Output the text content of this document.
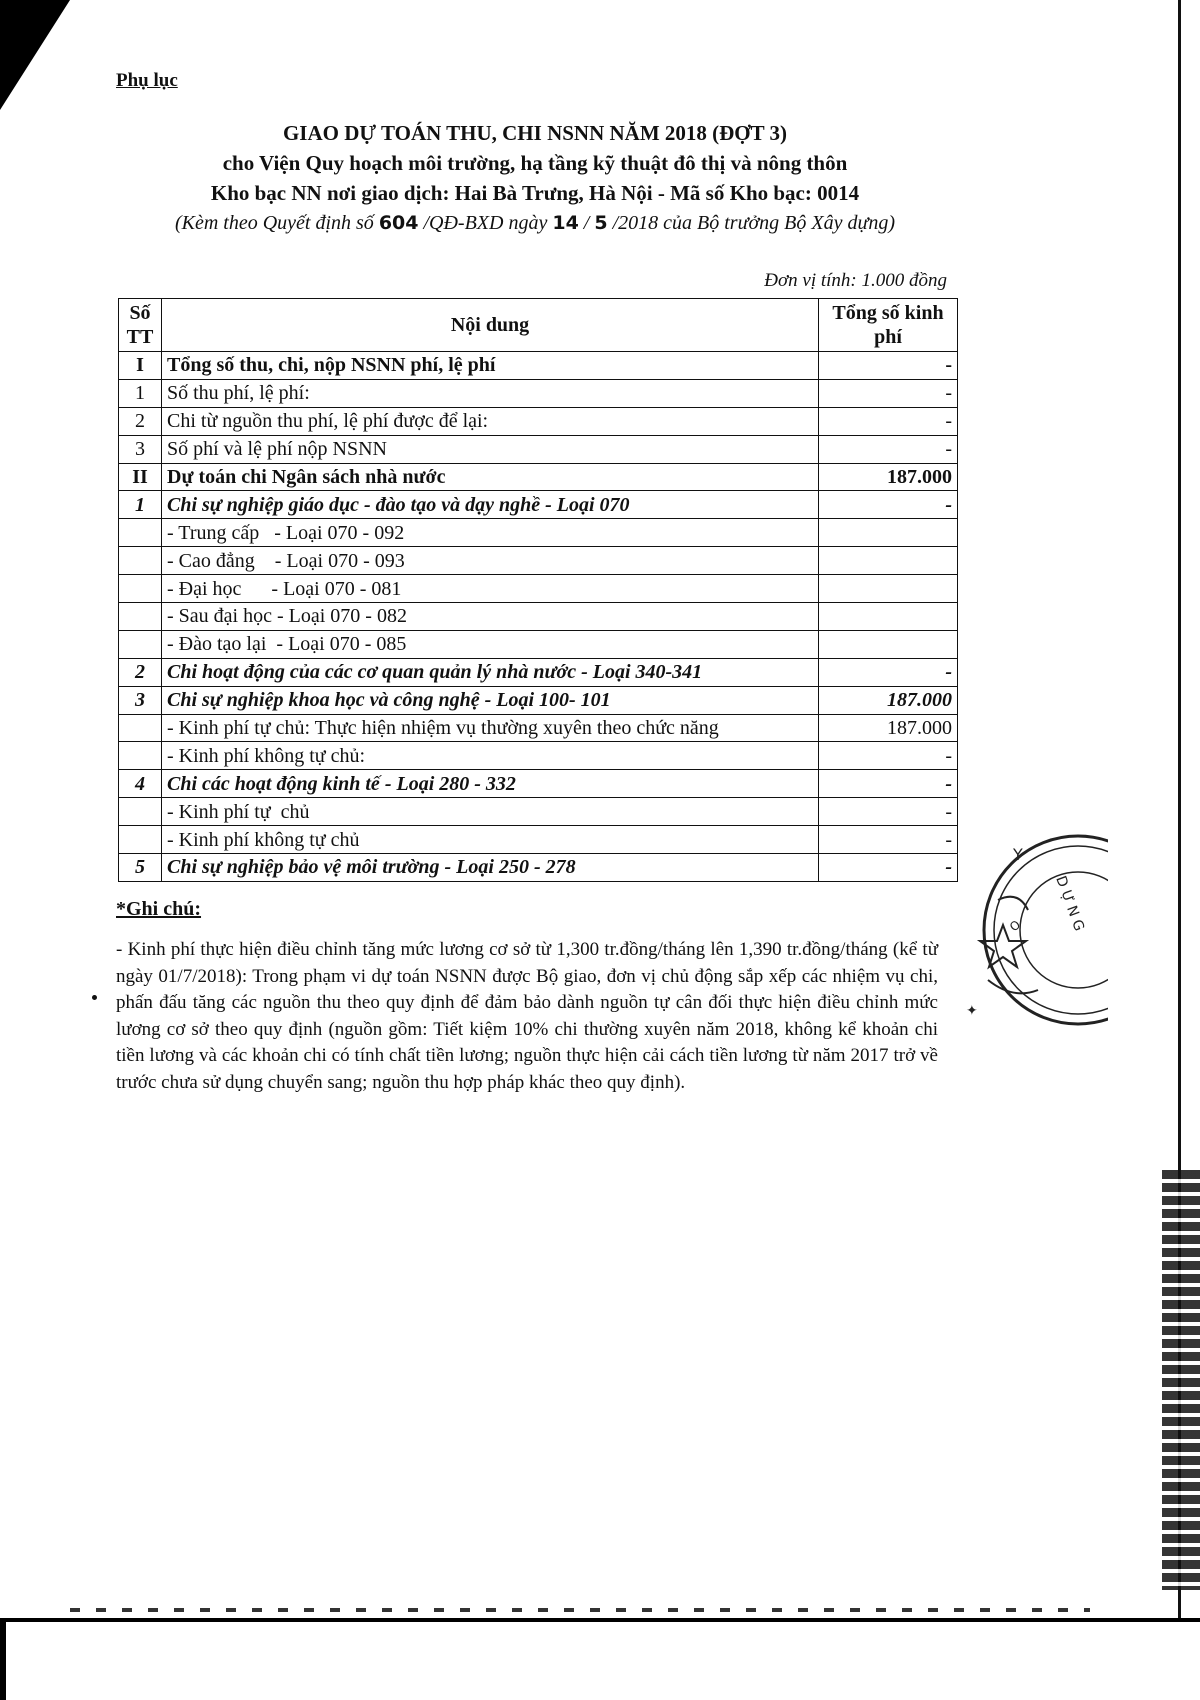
Phụ lục
GIAO DỰ TOÁN THU, CHI NSNN NĂM 2018 (ĐỢT 3)
cho Viện Quy hoạch môi trường, hạ tầng kỹ thuật đô thị và nông thôn
Kho bạc NN nơi giao dịch: Hai Bà Trưng, Hà Nội - Mã số Kho bạc: 0014
(Kèm theo Quyết định số 604 /QĐ-BXD ngày 14 / 5 /2018 của Bộ trưởng Bộ Xây dựng)
Đơn vị tính: 1.000 đồng
Số TT	Nội dung	Tổng số kinh phí
I	Tổng số thu, chi, nộp NSNN phí, lệ phí	-
1	Số thu phí, lệ phí:	-
2	Chi từ nguồn thu phí, lệ phí được để lại:	-
3	Số phí và lệ phí nộp NSNN	-
II	Dự toán chi Ngân sách nhà nước	187.000
1	Chi sự nghiệp giáo dục - đào tạo và dạy nghề - Loại 070	-
	- Trung cấp   - Loại 070 - 092	
	- Cao đẳng    - Loại 070 - 093	
	- Đại học      - Loại 070 - 081	
	- Sau đại học - Loại 070 - 082	
	- Đào tạo lại  - Loại 070 - 085	
2	Chi hoạt động của các cơ quan quản lý nhà nước - Loại 340-341	-
3	Chi sự nghiệp khoa học và công nghệ - Loại 100- 101	187.000
	- Kinh phí tự chủ: Thực hiện nhiệm vụ thường xuyên theo chức năng	187.000
	- Kinh phí không tự chủ:	-
4	Chi các hoạt động kinh tế - Loại 280 - 332	-
	- Kinh phí tự  chủ	-
	- Kinh phí không tự chủ	-
5	Chi sự nghiệp bảo vệ môi trường - Loại 250 - 278	-
*Ghi chú:
- Kinh phí thực hiện điều chỉnh tăng mức lương cơ sở từ 1,300 tr.đồng/tháng lên 1,390 tr.đồng/tháng (kể từ ngày 01/7/2018): Trong phạm vi dự toán NSNN được Bộ giao, đơn vị chủ động sắp xếp các nhiệm vụ chi, phấn đấu tăng các nguồn thu theo quy định để đảm bảo dành nguồn tự cân đối thực hiện điều chỉnh mức lương cơ sở theo quy định (nguồn gồm: Tiết kiệm 10% chi thường xuyên năm 2018, không kể khoản chi tiền lương và các khoản chi có tính chất tiền lương; nguồn thực hiện cải cách tiền lương từ năm 2017 trở về trước chưa sử dụng chuyển sang; nguồn thu hợp pháp khác theo quy định).
Y
D Ự N G
O
✦
